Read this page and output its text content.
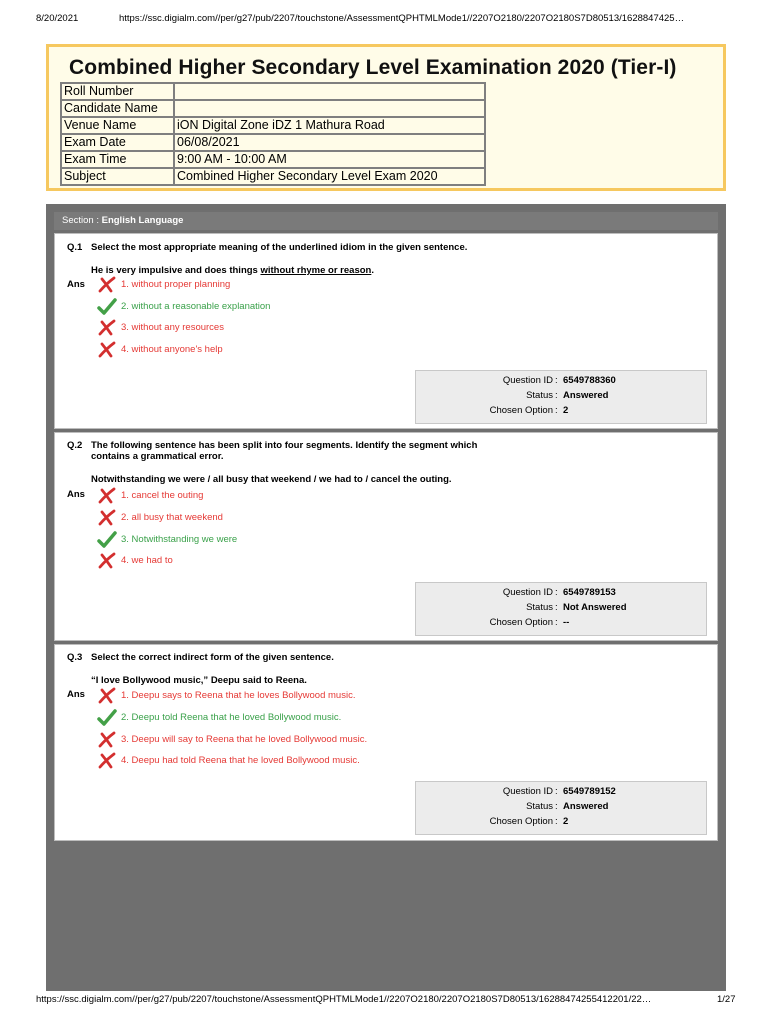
8/20/2021	https://ssc.digialm.com//per/g27/pub/2207/touchstone/AssessmentQPHTMLMode1//2207O2180/2207O2180S7D80513/1628847425…
Combined Higher Secondary Level Examination 2020 (Tier-I)
Roll Number	
Candidate Name	
Venue Name	iON Digital Zone iDZ 1 Mathura Road
Exam Date	06/08/2021
Exam Time	9:00 AM - 10:00 AM
Subject	Combined Higher Secondary Level Exam 2020
Section : English Language
Q.1 Select the most appropriate meaning of the underlined idiom in the given sentence.
He is very impulsive and does things without rhyme or reason.
Ans	1. without proper planning
2. without a reasonable explanation
3. without any resources
4. without anyone's help
Question ID : 6549788360
Status : Answered
Chosen Option : 2
Q.2 The following sentence has been split into four segments. Identify the segment which
contains a grammatical error.
Notwithstanding we were / all busy that weekend / we had to / cancel the outing.
Ans	1. cancel the outing
2. all busy that weekend
3. Notwithstanding we were
4. we had to
Question ID : 6549789153
Status : Not Answered
Chosen Option : --
Q.3 Select the correct indirect form of the given sentence.
“I love Bollywood music,” Deepu said to Reena.
Ans	1. Deepu says to Reena that he loves Bollywood music.
2. Deepu told Reena that he loved Bollywood music.
3. Deepu will say to Reena that he loved Bollywood music.
4. Deepu had told Reena that he loved Bollywood music.
Question ID : 6549789152
Status : Answered
Chosen Option : 2
https://ssc.digialm.com//per/g27/pub/2207/touchstone/AssessmentQPHTMLMode1//2207O2180/2207O2180S7D80513/16288474255412201/22…	1/27
